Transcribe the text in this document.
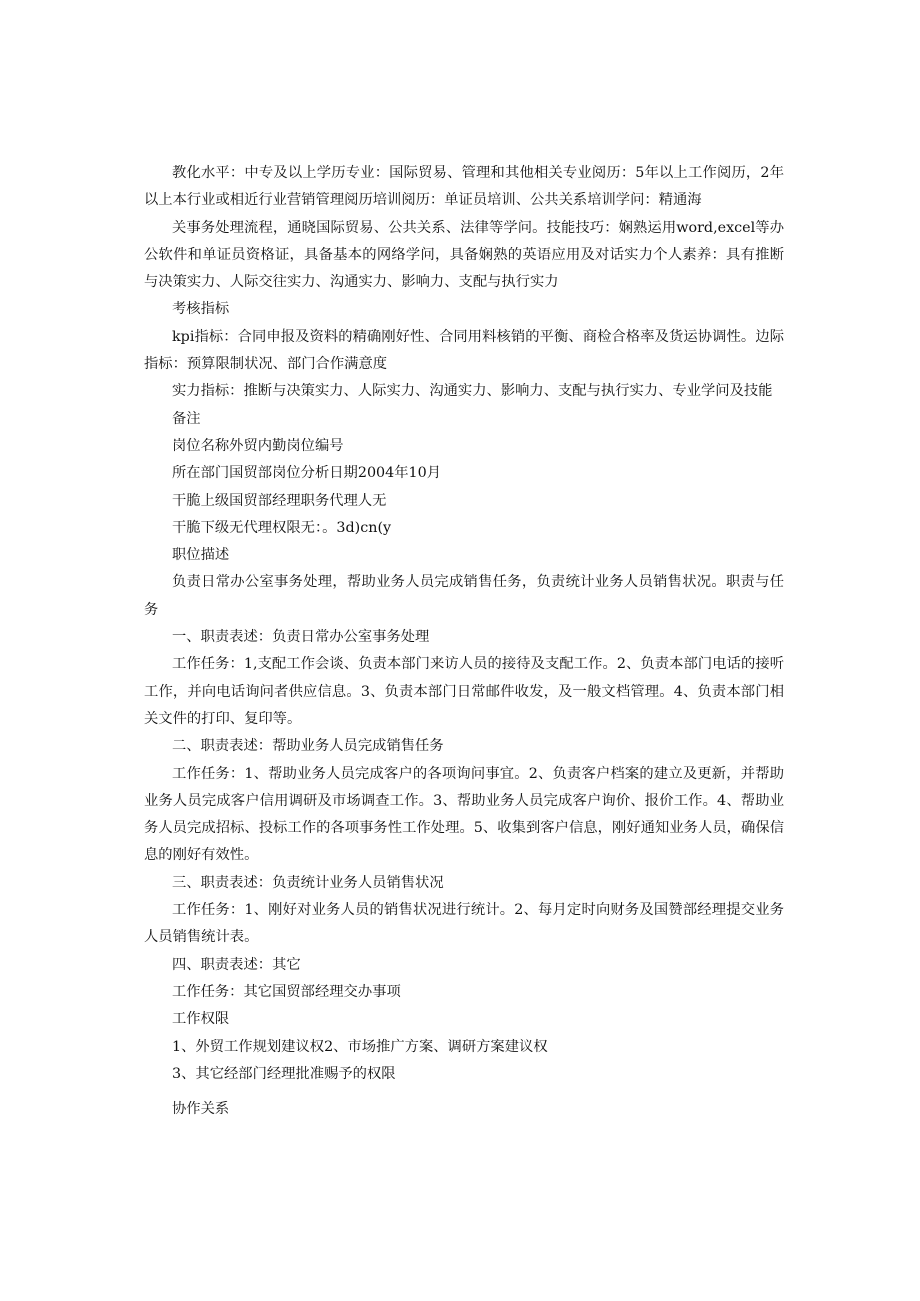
教化水平：中专及以上学历专业：国际贸易、管理和其他相关专业阅历：5年以上工作阅历，2年以上本行业或相近行业营销管理阅历培训阅历：单证员培训、公共关系培训学问：精通海

关事务处理流程，通晓国际贸易、公共关系、法律等学问。技能技巧：娴熟运用word,excel等办公软件和单证员资格证，具备基本的网络学问，具备娴熟的英语应用及对话实力个人素养：具有推断与决策实力、人际交往实力、沟通实力、影响力、支配与执行实力

考核指标

kpi指标：合同申报及资料的精确刚好性、合同用料核销的平衡、商检合格率及货运协调性。边际指标：预算限制状况、部门合作满意度

实力指标：推断与决策实力、人际实力、沟通实力、影响力、支配与执行实力、专业学问及技能

备注

岗位名称外贸内勤岗位编号

所在部门国贸部岗位分析日期2004年10月

干脆上级国贸部经理职务代理人无

干脆下级无代理权限无：。3d)cn(y

职位描述

负责日常办公室事务处理，帮助业务人员完成销售任务，负责统计业务人员销售状况。职责与任务

一、职责表述：负责日常办公室事务处理

工作任务：1,支配工作会谈、负责本部门来访人员的接待及支配工作。2、负责本部门电话的接听工作，并向电话询问者供应信息。3、负责本部门日常邮件收发，及一般文档管理。4、负责本部门相关文件的打印、复印等。

二、职责表述：帮助业务人员完成销售任务

工作任务：1、帮助业务人员完成客户的各项询问事宜。2、负责客户档案的建立及更新，并帮助业务人员完成客户信用调研及市场调查工作。3、帮助业务人员完成客户询价、报价工作。4、帮助业务人员完成招标、投标工作的各项事务性工作处理。5、收集到客户信息，刚好通知业务人员，确保信息的刚好有效性。

三、职责表述：负责统计业务人员销售状况

工作任务：1、刚好对业务人员的销售状况进行统计。2、每月定时向财务及国赞部经理提交业务人员销售统计表。

四、职责表述：其它

工作任务：其它国贸部经理交办事项

工作权限

1、外贸工作规划建议权2、市场推广方案、调研方案建议权

3、其它经部门经理批准赐予的权限

协作关系
